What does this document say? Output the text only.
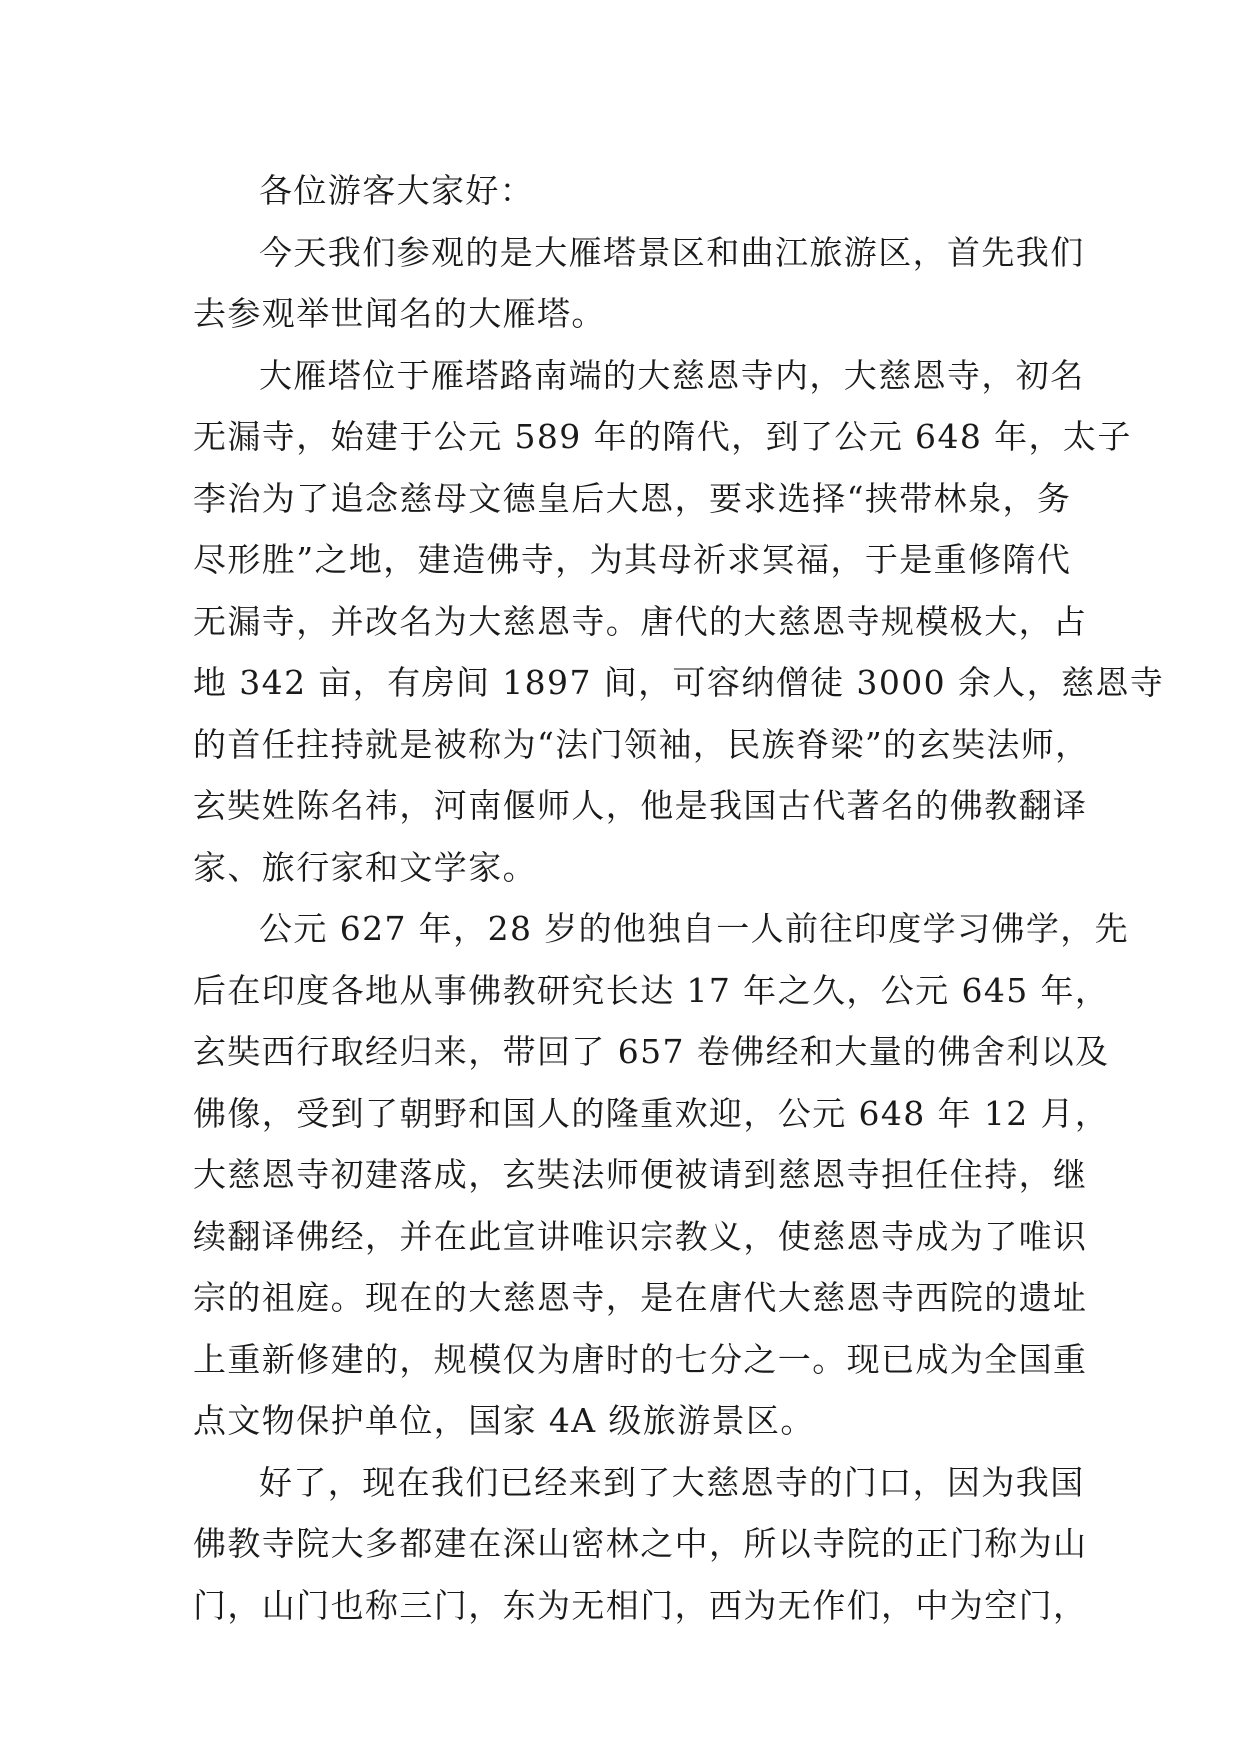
各位游客大家好：
今天我们参观的是大雁塔景区和曲江旅游区，首先我们
去参观举世闻名的大雁塔。
大雁塔位于雁塔路南端的大慈恩寺内，大慈恩寺，初名
无漏寺，始建于公元 589 年的隋代，到了公元 648 年，太子
李治为了追念慈母文德皇后大恩，要求选择“挟带林泉，务
尽形胜”之地，建造佛寺，为其母祈求冥福，于是重修隋代
无漏寺，并改名为大慈恩寺。唐代的大慈恩寺规模极大，占
地 342 亩，有房间 1897 间，可容纳僧徒 3000 余人，慈恩寺
的首任拄持就是被称为“法门领袖，民族脊梁”的玄奘法师，
玄奘姓陈名祎，河南偃师人，他是我国古代著名的佛教翻译
家、旅行家和文学家。
公元 627 年，28 岁的他独自一人前往印度学习佛学，先
后在印度各地从事佛教研究长达 17 年之久，公元 645 年，
玄奘西行取经归来，带回了 657 卷佛经和大量的佛舍利以及
佛像，受到了朝野和国人的隆重欢迎，公元 648 年 12 月，
大慈恩寺初建落成，玄奘法师便被请到慈恩寺担任住持，继
续翻译佛经，并在此宣讲唯识宗教义，使慈恩寺成为了唯识
宗的祖庭。现在的大慈恩寺，是在唐代大慈恩寺西院的遗址
上重新修建的，规模仅为唐时的七分之一。现已成为全国重
点文物保护单位，国家 4A 级旅游景区。
好了，现在我们已经来到了大慈恩寺的门口，因为我国
佛教寺院大多都建在深山密林之中，所以寺院的正门称为山
门，山门也称三门，东为无相门，西为无作们，中为空门，
